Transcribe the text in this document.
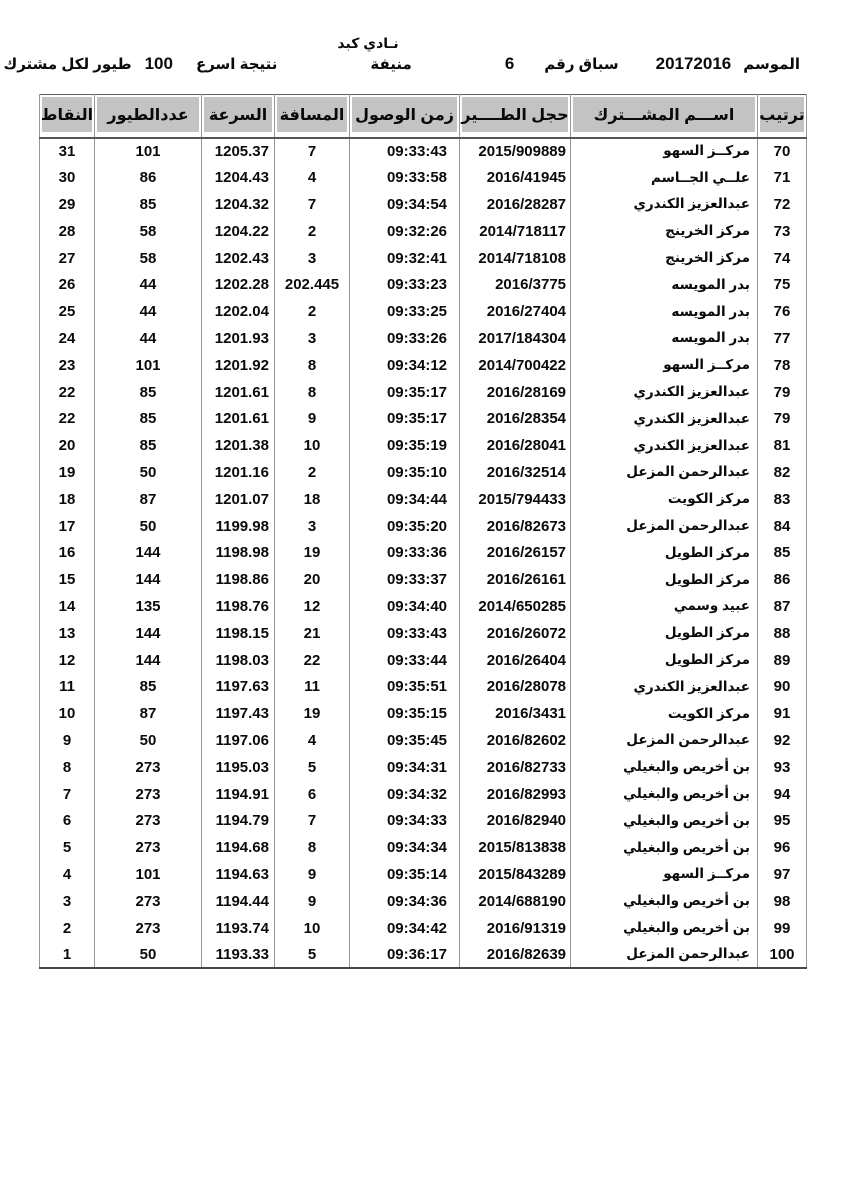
نـادي كبد
الموسم
20172016
سباق رقم
6
منيفة
نتيجة اسرع
100
طيور لكل مشترك
ترتيب	اســـم المشـــترك	حجل الطــــير	زمن الوصول	المسافة	السرعة	عددالطيور	النقاط

70	مركــز السهو	2015/909889	09:33:43	7	1205.37	101	31
71	علــي الجــاسم	2016/41945	09:33:58	4	1204.43	86	30
72	عبدالعزيز الكندري	2016/28287	09:34:54	7	1204.32	85	29
73	مركز الخرينج	2014/718117	09:32:26	2	1204.22	58	28
74	مركز الخرينج	2014/718108	09:32:41	3	1202.43	58	27
75	بدر المويسه	2016/3775	09:33:23	202.445	1202.28	44	26
76	بدر المويسه	2016/27404	09:33:25	2	1202.04	44	25
77	بدر المويسه	2017/184304	09:33:26	3	1201.93	44	24
78	مركــز السهو	2014/700422	09:34:12	8	1201.92	101	23
79	عبدالعزيز الكندري	2016/28169	09:35:17	8	1201.61	85	22
79	عبدالعزيز الكندري	2016/28354	09:35:17	9	1201.61	85	22
81	عبدالعزيز الكندري	2016/28041	09:35:19	10	1201.38	85	20
82	عبدالرحمن المزعل	2016/32514	09:35:10	2	1201.16	50	19
83	مركز الكويت	2015/794433	09:34:44	18	1201.07	87	18
84	عبدالرحمن المزعل	2016/82673	09:35:20	3	1199.98	50	17
85	مركز الطويل	2016/26157	09:33:36	19	1198.98	144	16
86	مركز الطويل	2016/26161	09:33:37	20	1198.86	144	15
87	عبيد وسمي	2014/650285	09:34:40	12	1198.76	135	14
88	مركز الطويل	2016/26072	09:33:43	21	1198.15	144	13
89	مركز الطويل	2016/26404	09:33:44	22	1198.03	144	12
90	عبدالعزيز الكندري	2016/28078	09:35:51	11	1197.63	85	11
91	مركز الكويت	2016/3431	09:35:15	19	1197.43	87	10
92	عبدالرحمن المزعل	2016/82602	09:35:45	4	1197.06	50	9
93	بن أخريص والبغيلي	2016/82733	09:34:31	5	1195.03	273	8
94	بن أخريص والبغيلي	2016/82993	09:34:32	6	1194.91	273	7
95	بن أخريص والبغيلي	2016/82940	09:34:33	7	1194.79	273	6
96	بن أخريص والبغيلي	2015/813838	09:34:34	8	1194.68	273	5
97	مركــز السهو	2015/843289	09:35:14	9	1194.63	101	4
98	بن أخريص والبغيلي	2014/688190	09:34:36	9	1194.44	273	3
99	بن أخريص والبغيلي	2016/91319	09:34:42	10	1193.74	273	2
100	عبدالرحمن المزعل	2016/82639	09:36:17	5	1193.33	50	1
